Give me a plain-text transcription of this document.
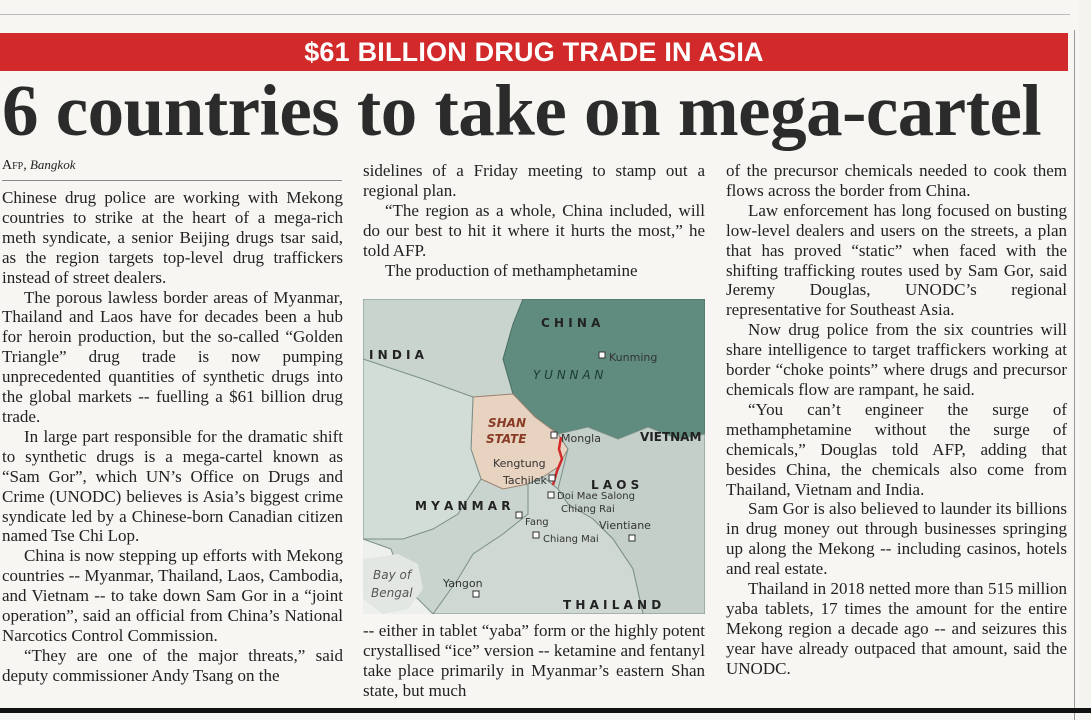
$61 BILLION DRUG TRADE IN ASIA
6 countries to take on mega-cartel
Afp, Bangkok

Chinese drug police are working with Mekong countries to strike at the heart of a mega-rich meth syndicate, a senior Beijing drugs tsar said, as the region targets top-level drug traffickers instead of street dealers.

The porous lawless border areas of Myanmar, Thailand and Laos have for decades been a hub for heroin production, but the so-called “Golden Triangle” drug trade is now pumping unprecedented quantities of synthetic drugs into the global markets -- fuelling a $61 billion drug trade.

In large part responsible for the dramatic shift to synthetic drugs is a mega-cartel known as “Sam Gor”, which UN’s Office on Drugs and Crime (UNODC) believes is Asia’s biggest crime syndicate led by a Chinese-born Canadian citizen named Tse Chi Lop.

China is now stepping up efforts with Mekong countries -- Myanmar, Thailand, Laos, Cambodia, and Vietnam -- to take down Sam Gor in a “joint operation”, said an official from China’s National Narcotics Control Commission.

“They are one of the major threats,” said deputy commissioner Andy Tsang on the

sidelines of a Friday meeting to stamp out a regional plan.

“The region as a whole, China included, will do our best to hit it where it hurts the most,” he told AFP.

The production of methamphetamine

Kunming
Mongla
Kengtung
Tachilek
Doi Mae Salong
Chiang Rai
Fang
Chiang Mai
Vientiane
Yangon
C H I N A
I N D I A
VIETNAM
L A O S
M Y A N M A R
T H A I L A N D
Y U N N A N
SHAN
STATE
Bay of
Bengal

-- either in tablet “yaba” form or the highly potent crystallised “ice” version -- ketamine and fentanyl take place primarily in Myanmar’s eastern Shan state, but much

of the precursor chemicals needed to cook them flows across the border from China.

Law enforcement has long focused on busting low-level dealers and users on the streets, a plan that has proved “static” when faced with the shifting trafficking routes used by Sam Gor, said Jeremy Douglas, UNODC’s regional representative for Southeast Asia.

Now drug police from the six countries will share intelligence to target traffickers working at border “choke points” where drugs and precursor chemicals flow are rampant, he said.

“You can’t engineer the surge of methamphetamine without the surge of chemicals,” Douglas told AFP, adding that besides China, the chemicals also come from Thailand, Vietnam and India.

Sam Gor is also believed to launder its billions in drug money out through businesses springing up along the Mekong -- including casinos, hotels and real estate.

Thailand in 2018 netted more than 515 million yaba tablets, 17 times the amount for the entire Mekong region a decade ago -- and seizures this year have already outpaced that amount, said the UNODC.
